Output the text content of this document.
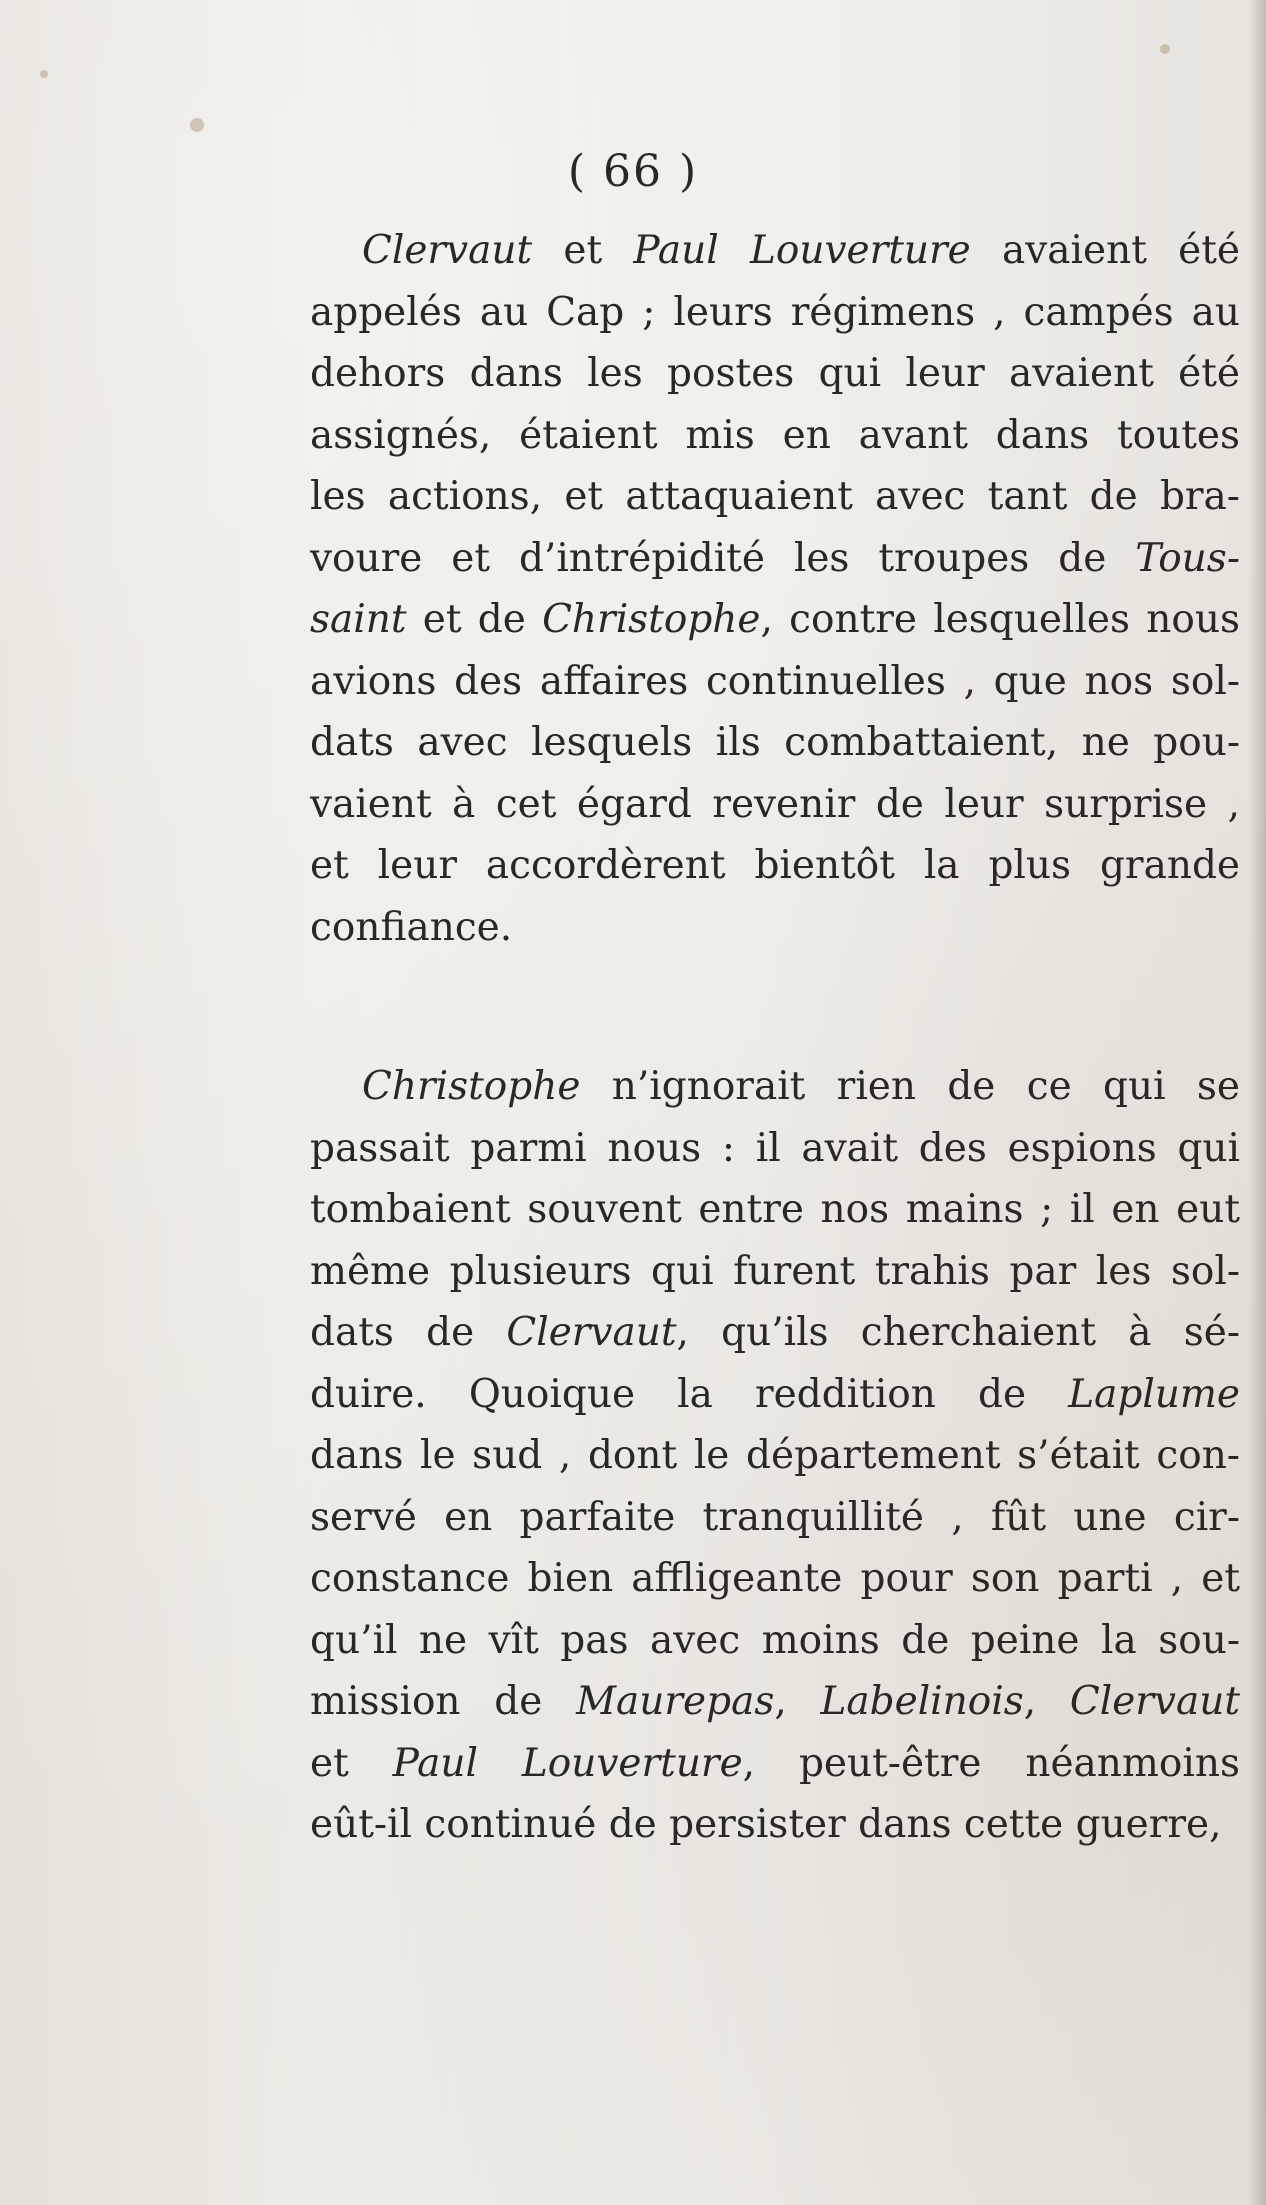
( 66 )
Clervaut et Paul Louverture avaient été
appelés au Cap ; leurs régimens , campés au
dehors dans les postes qui leur avaient été
assignés, étaient mis en avant dans toutes
les actions, et attaquaient avec tant de bra-
voure et d’intrépidité les troupes de Tous-
saint et de Christophe, contre lesquelles nous
avions des affaires continuelles , que nos sol-
dats avec lesquels ils combattaient, ne pou-
vaient à cet égard revenir de leur surprise ,
et leur accordèrent bientôt la plus grande
confiance.
Christophe n’ignorait rien de ce qui se
passait parmi nous : il avait des espions qui
tombaient souvent entre nos mains ; il en eut
même plusieurs qui furent trahis par les sol-
dats de Clervaut, qu’ils cherchaient à sé-
duire. Quoique la reddition de Laplume
dans le sud , dont le département s’était con-
servé en parfaite tranquillité , fût une cir-
constance bien affligeante pour son parti , et
qu’il ne vît pas avec moins de peine la sou-
mission de Maurepas, Labelinois, Clervaut
et Paul Louverture, peut-être néanmoins
eût-il continué de persister dans cette guerre,
